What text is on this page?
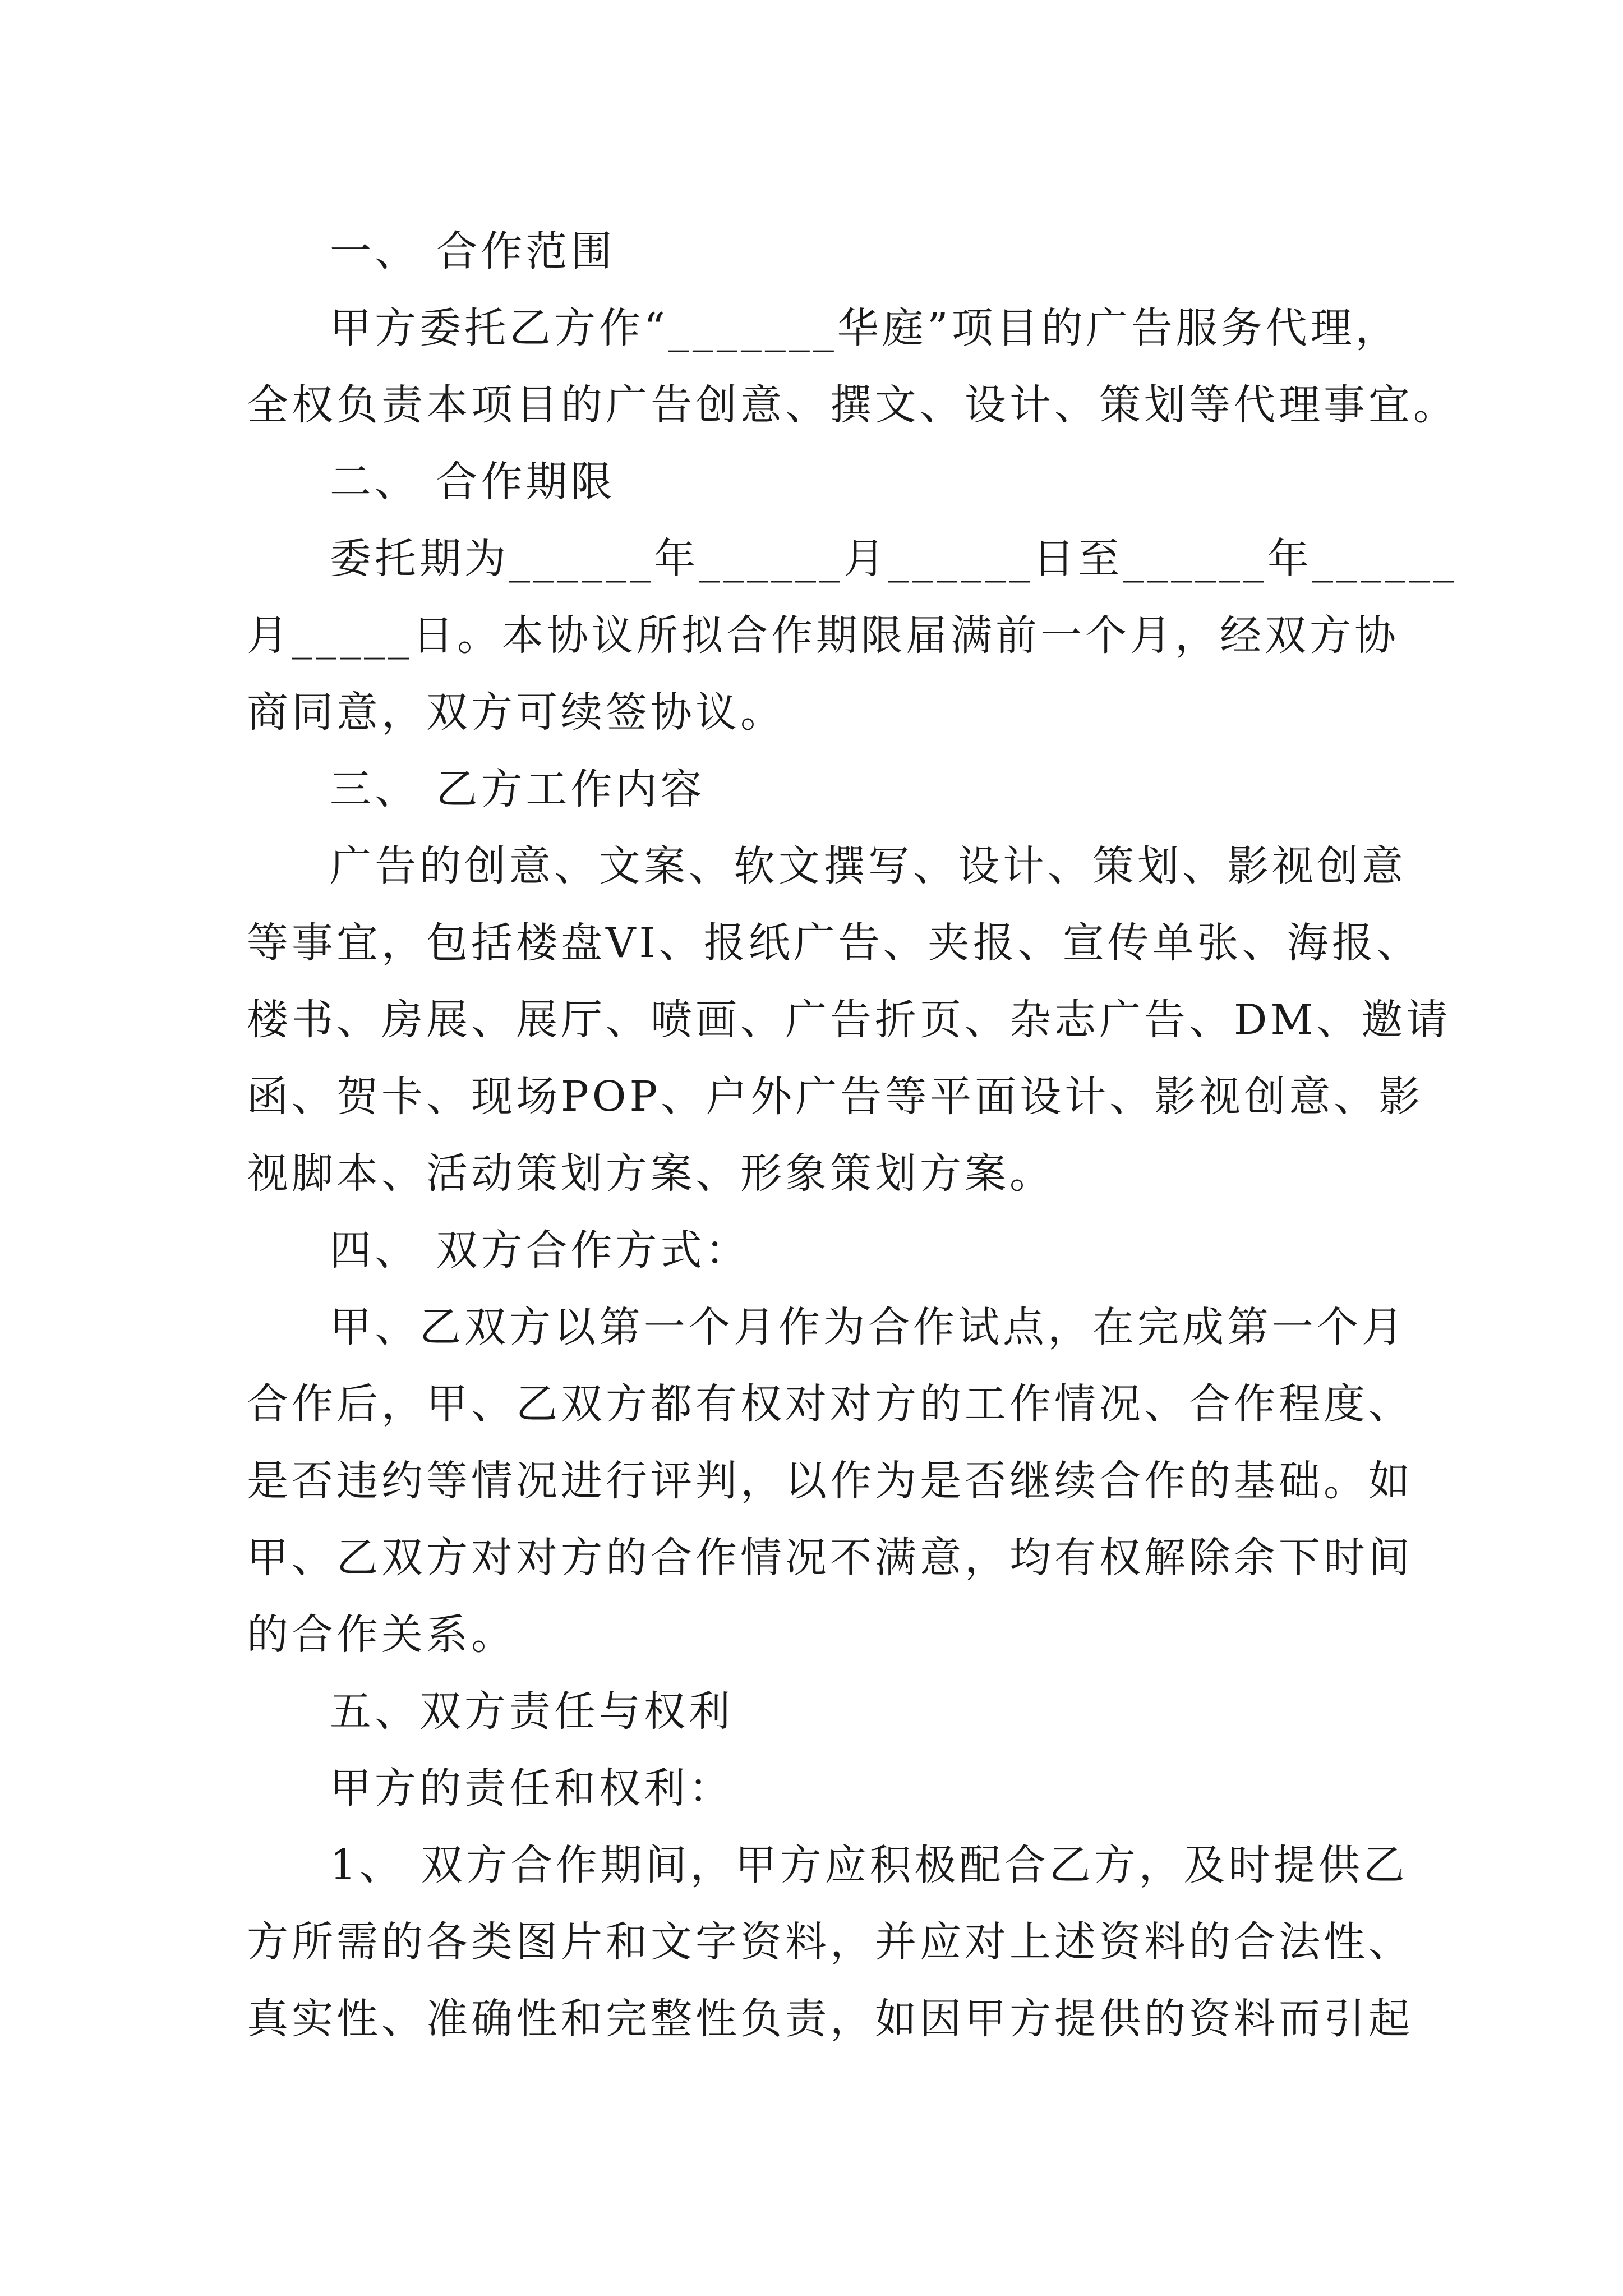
一、 合作范围
甲方委托乙方作“_______华庭”项目的广告服务代理，
全权负责本项目的广告创意、撰文、设计、策划等代理事宜。
二、 合作期限
委托期为______年______月______日至______年______
月_____日。本协议所拟合作期限届满前一个月，经双方协
商同意，双方可续签协议。
三、 乙方工作内容
广告的创意、文案、软文撰写、设计、策划、影视创意
等事宜，包括楼盘VI、报纸广告、夹报、宣传单张、海报、
楼书、房展、展厅、喷画、广告折页、杂志广告、DM、邀请
函、贺卡、现场POP、户外广告等平面设计、影视创意、影
视脚本、活动策划方案、形象策划方案。
四、 双方合作方式：
甲、乙双方以第一个月作为合作试点，在完成第一个月
合作后，甲、乙双方都有权对对方的工作情况、合作程度、
是否违约等情况进行评判，以作为是否继续合作的基础。如
甲、乙双方对对方的合作情况不满意，均有权解除余下时间
的合作关系。
五、双方责任与权利
甲方的责任和权利：
1、 双方合作期间，甲方应积极配合乙方，及时提供乙
方所需的各类图片和文字资料，并应对上述资料的合法性、
真实性、准确性和完整性负责，如因甲方提供的资料而引起
